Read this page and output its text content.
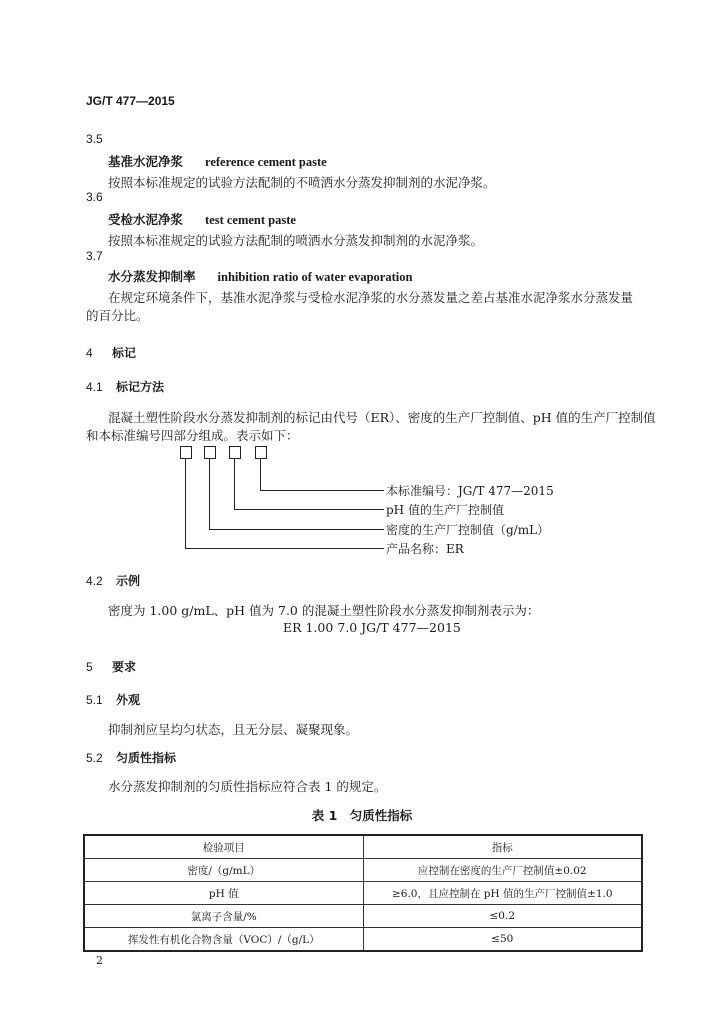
JG/T 477—2015
3.5
基准水泥净浆 reference cement paste
按照本标准规定的试验方法配制的不喷洒水分蒸发抑制剂的水泥净浆。
3.6
受检水泥净浆 test cement paste
按照本标准规定的试验方法配制的喷洒水分蒸发抑制剂的水泥净浆。
3.7
水分蒸发抑制率 inhibition ratio of water evaporation
在规定环境条件下，基准水泥净浆与受检水泥净浆的水分蒸发量之差占基准水泥净浆水分蒸发量
的百分比。
4 标记
4.1 标记方法
混凝土塑性阶段水分蒸发抑制剂的标记由代号（ER）、密度的生产厂控制值、pH 值的生产厂控制值
和本标准编号四部分组成。表示如下：
本标准编号：JG/T 477—2015
pH 值的生产厂控制值
密度的生产厂控制值（g/mL）
产品名称：ER
4.2 示例
密度为 1.00 g/mL、pH 值为 7.0 的混凝土塑性阶段水分蒸发抑制剂表示为：
ER 1.00 7.0 JG/T 477—2015
5 要求
5.1 外观
抑制剂应呈均匀状态，且无分层、凝聚现象。
5.2 匀质性指标
水分蒸发抑制剂的匀质性指标应符合表 1 的规定。
表 1　匀质性指标
检验项目	指标
密度/（g/mL）	应控制在密度的生产厂控制值±0.02
pH 值	≥6.0，且应控制在 pH 值的生产厂控制值±1.0
氯离子含量/%	≤0.2
挥发性有机化合物含量（VOC）/（g/L）	≤50
2
